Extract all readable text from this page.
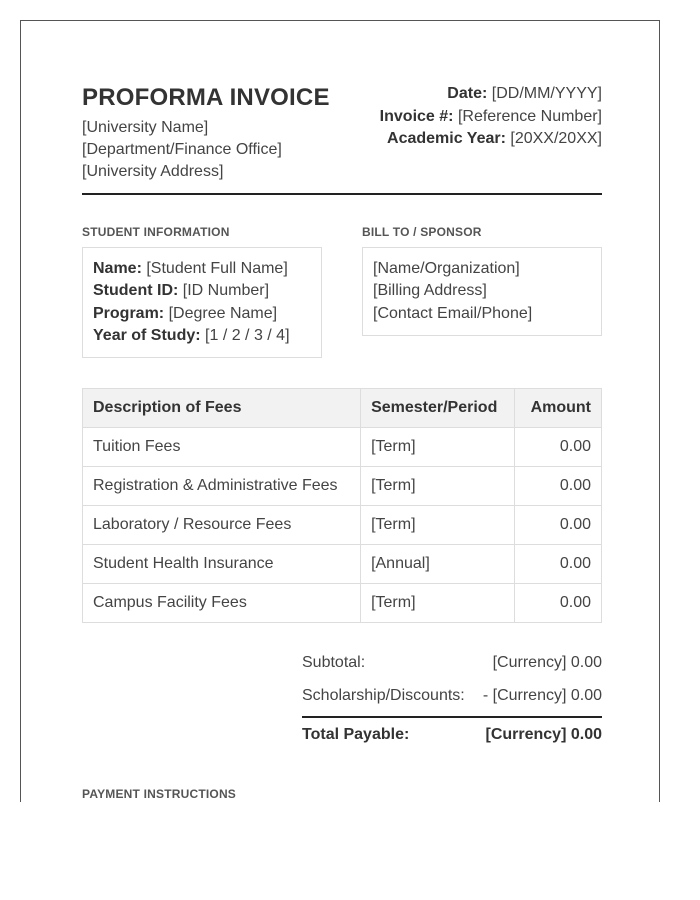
PROFORMA INVOICE
[University Name]
[Department/Finance Office]
[University Address]
Date: [DD/MM/YYYY]
Invoice #: [Reference Number]
Academic Year: [20XX/20XX]
STUDENT INFORMATION
Name: [Student Full Name]
Student ID: [ID Number]
Program: [Degree Name]
Year of Study: [1 / 2 / 3 / 4]
BILL TO / SPONSOR
[Name/Organization]
[Billing Address]
[Contact Email/Phone]
Description of Fees	Semester/Period	Amount
Tuition Fees	[Term]	0.00
Registration & Administrative Fees	[Term]	0.00
Laboratory / Resource Fees	[Term]	0.00
Student Health Insurance	[Annual]	0.00
Campus Facility Fees	[Term]	0.00
Subtotal:	[Currency] 0.00
Scholarship/Discounts: - [Currency] 0.00
Total Payable:	[Currency] 0.00
PAYMENT INSTRUCTIONS
